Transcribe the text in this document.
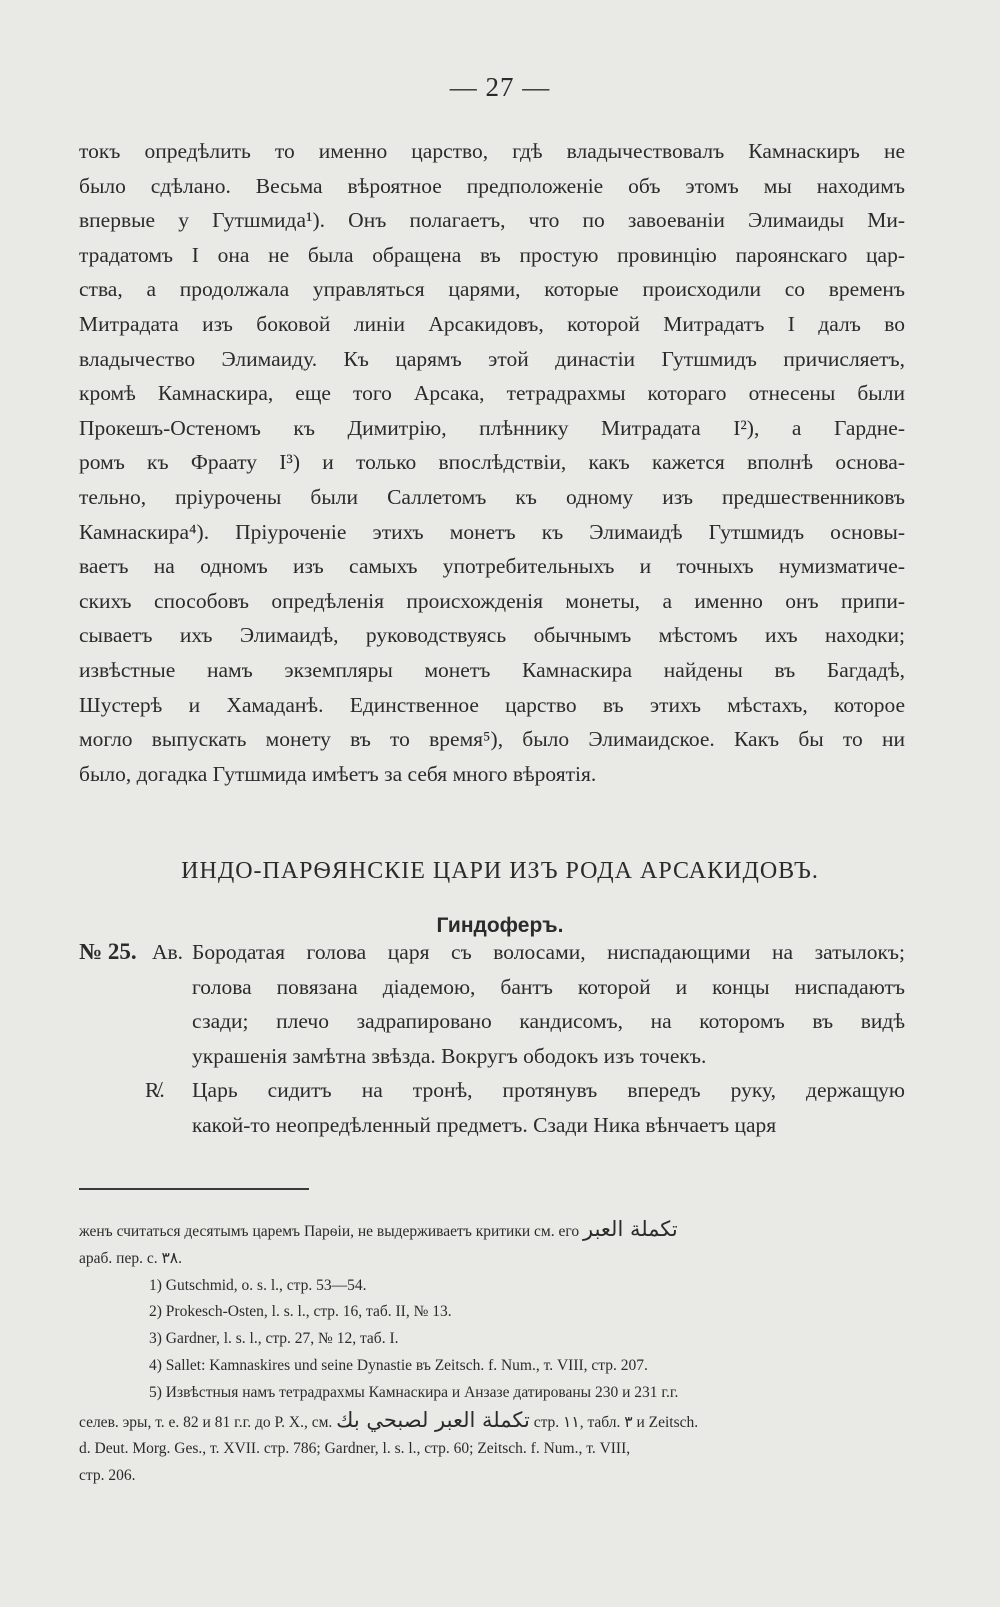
— 27 —
токъ опредѣлить то именно царство, гдѣ владычествовалъ Камнаскиръ не
было сдѣлано. Весьма вѣроятное предположеніе объ этомъ мы находимъ
впервые у Гутшмида¹). Онъ полагаетъ, что по завоеваніи Элимаиды Ми-
традатомъ I она не была обращена въ простую провинцію пароянскаго цар-
ства, а продолжала управляться царями, которые происходили со временъ
Митрадата изъ боковой линіи Арсакидовъ, которой Митрадатъ I далъ во
владычество Элимаиду. Къ царямъ этой династіи Гутшмидъ причисляетъ,
кромѣ Камнаскира, еще того Арсака, тетрадрахмы котораго отнесены были
Прокешъ-Остеномъ къ Димитрію, плѣннику Митрадата I²), а Гардне-
ромъ къ Фраату I³) и только впослѣдствіи, какъ кажется вполнѣ основа-
тельно, пріурочены были Саллетомъ къ одному изъ предшественниковъ
Камнаскира⁴). Пріуроченіе этихъ монетъ къ Элимаидѣ Гутшмидъ основы-
ваетъ на одномъ изъ самыхъ употребительныхъ и точныхъ нумизматиче-
скихъ способовъ опредѣленія происхожденія монеты, а именно онъ припи-
сываетъ ихъ Элимаидѣ, руководствуясь обычнымъ мѣстомъ ихъ находки;
извѣстные намъ экземпляры монетъ Камнаскира найдены въ Багдадѣ,
Шустерѣ и Хамаданѣ. Единственное царство въ этихъ мѣстахъ, которое
могло выпускать монету въ то время⁵), было Элимаидское. Какъ бы то ни
было, догадка Гутшмида имѣетъ за себя много вѣроятія.
ИНДО-ПАРѲЯНСКІЕ ЦАРИ ИЗЪ РОДА АРСАКИДОВЪ.
Гиндоферъ.
№ 25. Ав. Бородатая голова царя съ волосами, ниспадающими на затылокъ;
голова повязана діадемою, бантъ которой и концы ниспадаютъ
сзади; плечо задрапировано кандисомъ, на которомъ въ видѣ
украшенія замѣтна звѣзда. Вокругъ ободокъ изъ точекъ.
R̸. Царь сидитъ на тронѣ, протянувъ впередъ руку, держащую
какой-то неопредѣленный предметъ. Сзади Ника вѣнчаетъ царя
женъ считаться десятымъ царемъ Парѳіи, не выдерживаетъ критики см. его تكملة العبر
араб. пер. с. ٣٨.
1) Gutschmid, o. s. l., стр. 53—54.
2) Prokesch-Osten, l. s. l., стр. 16, таб. II, № 13.
3) Gardner, l. s. l., стр. 27, № 12, таб. I.
4) Sallet: Kamnaskires und seine Dynastie въ Zeitsch. f. Num., т. VIII, стр. 207.
5) Извѣстныя намъ тетрадрахмы Камнаскира и Анзазе датированы 230 и 231 г.г.
селев. эры, т. е. 82 и 81 г.г. до Р. Х., см. تكملة العبر لصبحي بك стр. ١١, табл. ٣ и Zeitsch.
d. Deut. Morg. Ges., т. XVII. стр. 786; Gardner, l. s. l., стр. 60; Zeitsch. f. Num., т. VIII,
стр. 206.
